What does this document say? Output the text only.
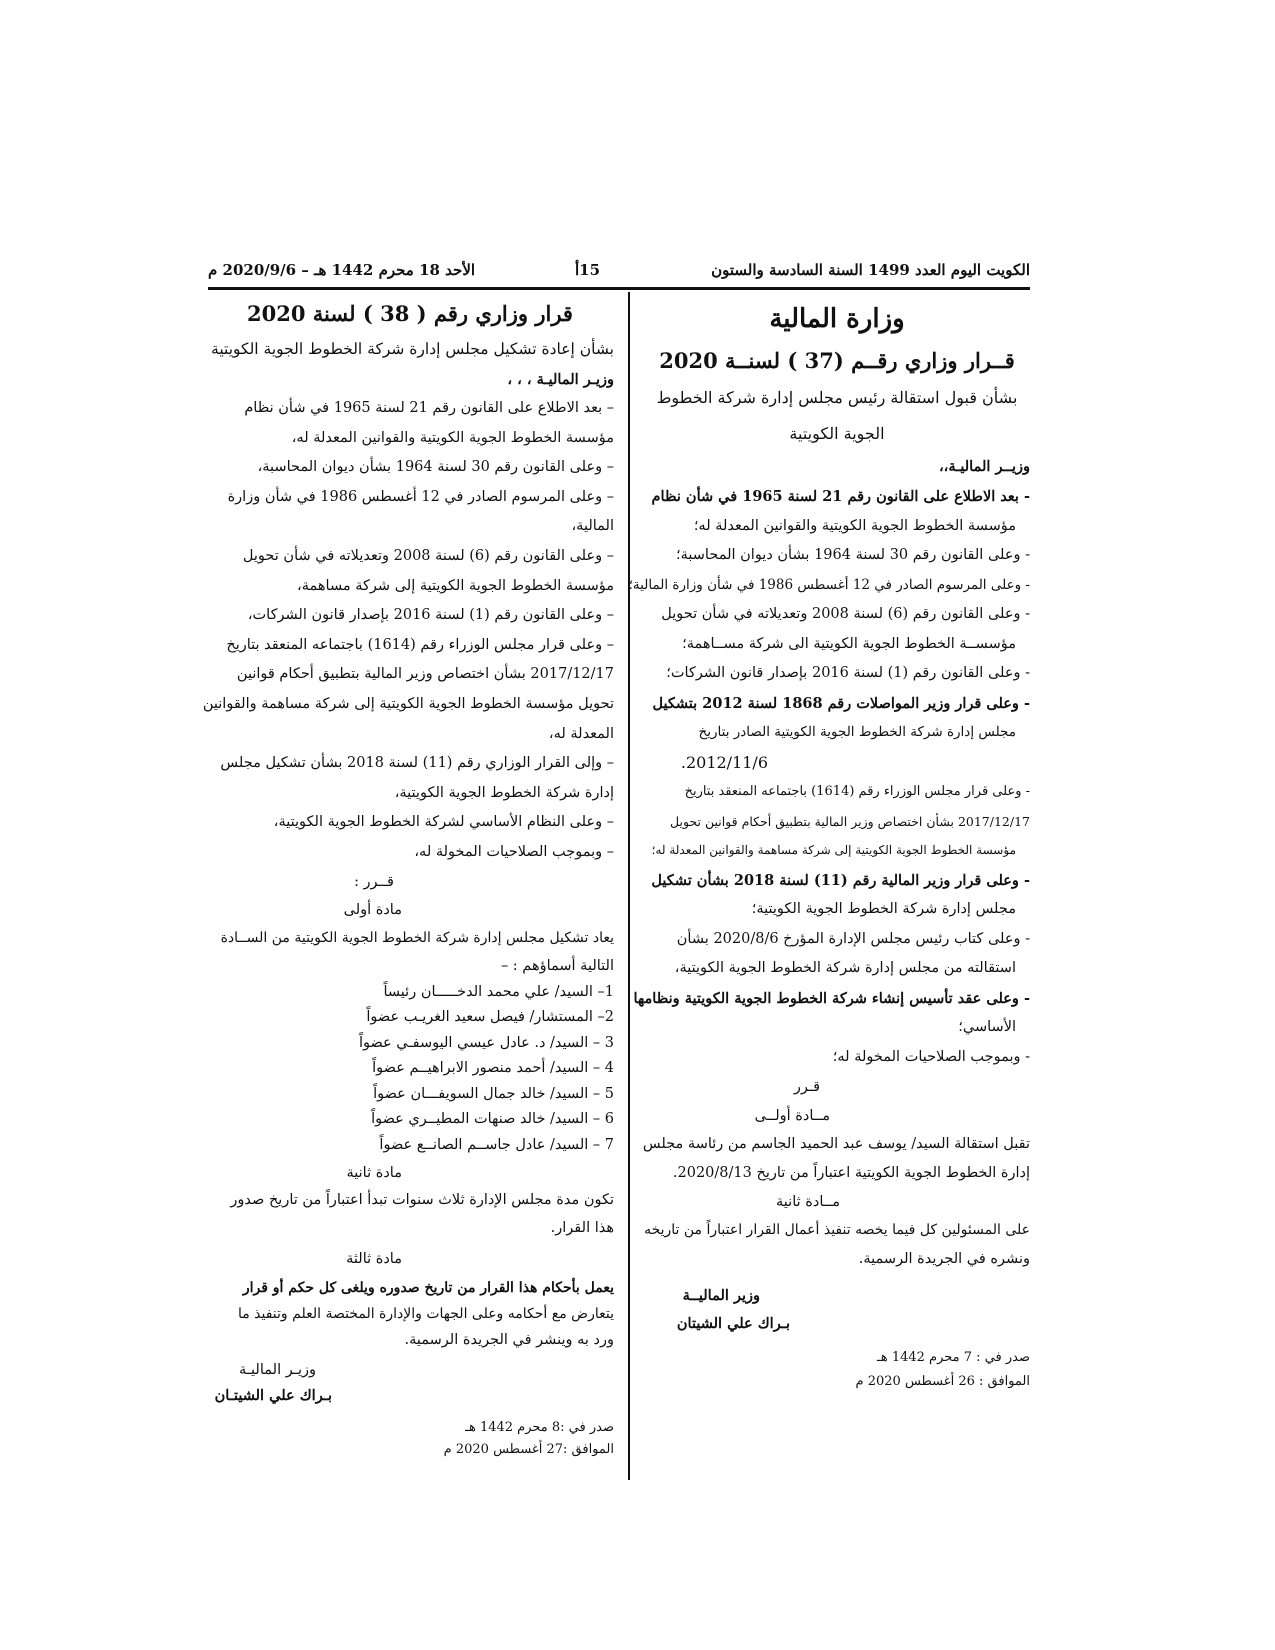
الكويت اليوم العدد 1499 السنة السادسة والستون
15أ
الأحد 18 محرم 1442 هـ – 2020/9/6 م

وزارة المالية

قــرار وزاري رقــم (37 ) لسنــة 2020

بشأن قبول استقالة رئيس مجلس إدارة شركة الخطوط

الجوية الكويتية

وزيــر الماليـة،،

- بعد الاطلاع على القانون رقم 21 لسنة 1965 في شأن نظام

مؤسسة الخطوط الجوية الكويتية والقوانين المعدلة له؛

- وعلى القانون رقم 30 لسنة 1964 بشأن ديوان المحاسبة؛

- وعلى المرسوم الصادر في 12 أغسطس 1986 في شأن وزارة المالية؛

- وعلى القانون رقم (6) لسنة 2008 وتعديلاته في شأن تحويل

مؤسســة الخطوط الجوية الكويتية الى شركة مســاهمة؛

- وعلى القانون رقم (1) لسنة 2016 بإصدار قانون الشركات؛

- وعلى قرار وزير المواصلات رقم 1868 لسنة 2012 بتشكيل

مجلس إدارة شركة الخطوط الجوية الكويتية الصادر بتاريخ

2012/11/6.

- وعلى قرار مجلس الوزراء رقم (1614) باجتماعه المنعقد بتاريخ

2017/12/17 بشأن اختصاص وزير المالية بتطبيق أحكام قوانين تحويل

مؤسسة الخطوط الجوية الكويتية إلى شركة مساهمة والقوانين المعدلة له؛

- وعلى قرار وزير المالية رقم (11) لسنة 2018 بشأن تشكيل

مجلس إدارة شركة الخطوط الجوية الكويتية؛

- وعلى كتاب رئيس مجلس الإدارة المؤرخ 2020/8/6 بشأن

استقالته من مجلس إدارة شركة الخطوط الجوية الكويتية،

- وعلى عقد تأسيس إنشاء شركة الخطوط الجوية الكويتية ونظامها

الأساسي؛

- وبموجب الصلاحيات المخولة له؛

قـرر

مــادة أولــى

تقبل استقالة السيد/ يوسف عبد الحميد الجاسم من رئاسة مجلس

إدارة الخطوط الجوية الكويتية اعتباراً من تاريخ 2020/8/13.

مــادة ثانية

على المسئولين كل فيما يخصه تنفيذ أعمال القرار اعتباراً من تاريخه

ونشره في الجريدة الرسمية.

وزير الماليــة

بـراك علي الشيتان

صدر في : 7 محرم 1442 هـ

الموافق : 26 أغسطس 2020 م

قرار وزاري رقم ( 38 ) لسنة 2020

بشأن إعادة تشكيل مجلس إدارة شركة الخطوط الجوية الكويتية

وزيـر الماليـة ، ، ،

– بعد الاطلاع على القانون رقم 21 لسنة 1965 في شأن نظام

مؤسسة الخطوط الجوية الكويتية والقوانين المعدلة له،

– وعلى القانون رقم 30 لسنة 1964 بشأن ديوان المحاسبة،

– وعلى المرسوم الصادر في 12 أغسطس 1986 في شأن وزارة

المالية،

– وعلى القانون رقم (6) لسنة 2008 وتعديلاته في شأن تحويل

مؤسسة الخطوط الجوية الكويتية إلى شركة مساهمة،

– وعلى القانون رقم (1) لسنة 2016 بإصدار قانون الشركات،

– وعلى قرار مجلس الوزراء رقم (1614) باجتماعه المنعقد بتاريخ

2017/12/17 بشأن اختصاص وزير المالية بتطبيق أحكام قوانين

تحويل مؤسسة الخطوط الجوية الكويتية إلى شركة مساهمة والقوانين

المعدلة له،

– وإلى القرار الوزاري رقم (11) لسنة 2018 بشأن تشكيل مجلس

إدارة شركة الخطوط الجوية الكويتية،

– وعلى النظام الأساسي لشركة الخطوط الجوية الكويتية،

– وبموجب الصلاحيات المخولة له،

قــرر :

مادة أولى

يعاد تشكيل مجلس إدارة شركة الخطوط الجوية الكويتية من الســادة

التالية أسماؤهم : –

1– السيد/ علي محمد الدخـــــان رئيساً

2– المستشار/ فيصل سعيد الغريـب عضواً

3 – السيد/ د. عادل عيسي اليوسفـي عضواً

4 – السيد/ أحمد منصور الابراهيــم عضواً

5 – السيد/ خالد جمال السويفـــان عضواً

6 – السيد/ خالد صنهات المطيــري عضواً

7 – السيد/ عادل جاســم الصانــع عضواً

مادة ثانية

تكون مدة مجلس الإدارة ثلاث سنوات تبدأ اعتباراً من تاريخ صدور

هذا القرار.

مادة ثالثة

يعمل بأحكام هذا القرار من تاريخ صدوره ويلغى كل حكم أو قرار

يتعارض مع أحكامه وعلى الجهات والإدارة المختصة العلم وتنفيذ ما

ورد به وينشر في الجريدة الرسمية.

وزيـر الماليـة

بـراك علي الشيتـان

صدر في :8 محرم 1442 هـ

الموافق :27 أغسطس 2020 م
